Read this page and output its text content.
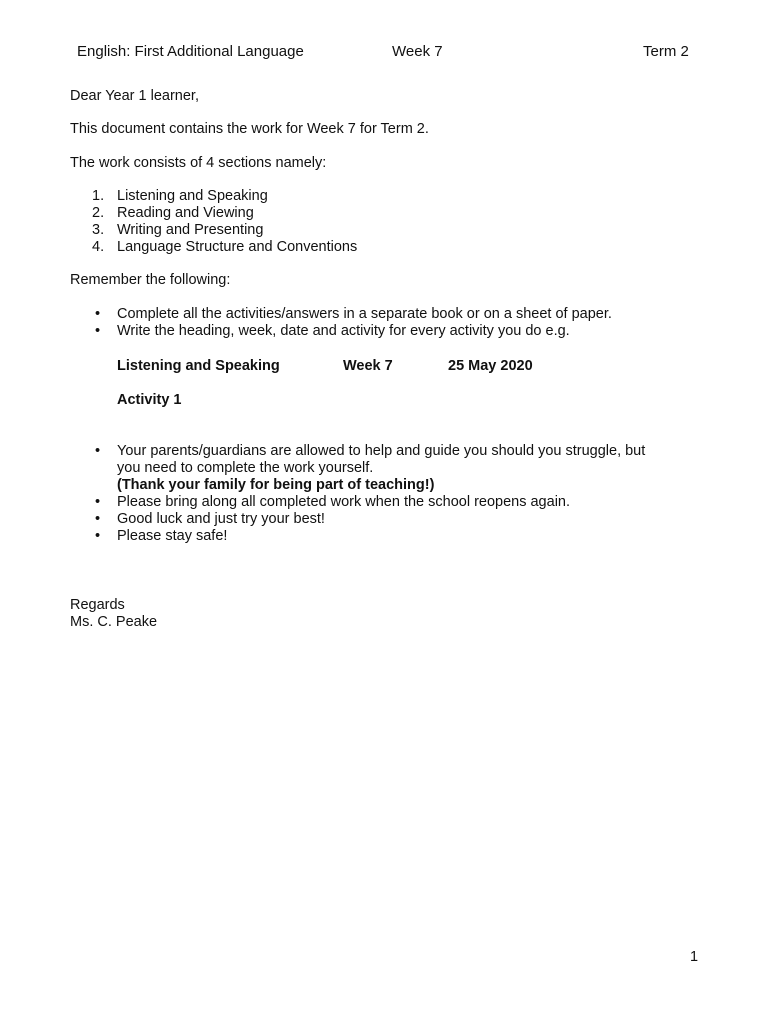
English: First Additional Language	Week 7	Term 2
Dear Year 1 learner,
This document contains the work for Week 7 for Term 2.
The work consists of 4 sections namely:
1. Listening and Speaking
2. Reading and Viewing
3. Writing and Presenting
4. Language Structure and Conventions
Remember the following:
• Complete all the activities/answers in a separate book or on a sheet of paper.
• Write the heading, week, date and activity for every activity you do e.g.
Listening and Speaking	Week 7	25 May 2020
Activity 1
• Your parents/guardians are allowed to help and guide you should you struggle, but
you need to complete the work yourself.
(Thank your family for being part of teaching!)
• Please bring along all completed work when the school reopens again.
• Good luck and just try your best!
• Please stay safe!
Regards
Ms. C. Peake
1
